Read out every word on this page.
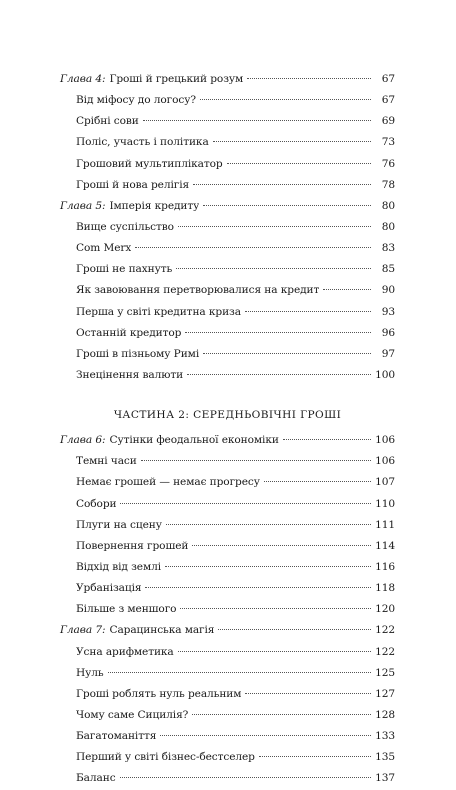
Глава 4: Гроші й грецький розум	67
Від міфосу до логосу?	67
Срібні сови	69
Поліс, участь і політика	73
Грошовий мультиплікатор	76
Гроші й нова релігія	78
Глава 5: Імперія кредиту	80
Вище суспільство	80
Com Merx	83
Гроші не пахнуть	85
Як завоювання перетворювалися на кредит	90
Перша у світі кредитна криза	93
Останній кредитор	96
Гроші в пізньому Римі	97
Знецінення валюти	100
ЧАСТИНА 2: СЕРЕДНЬОВІЧНІ ГРОШІ
Глава 6: Сутінки феодальної економіки	106
Темні часи	106
Немає грошей — немає прогресу	107
Собори	110
Плуги на сцену	111
Повернення грошей	114
Відхід від землі	116
Урбанізація	118
Більше з меншого	120
Глава 7: Сарацинська магія	122
Усна арифметика	122
Нуль	125
Гроші роблять нуль реальним	127
Чому саме Сицилія?	128
Багатоманіття	133
Перший у світі бізнес-бестселер	135
Баланс	137
